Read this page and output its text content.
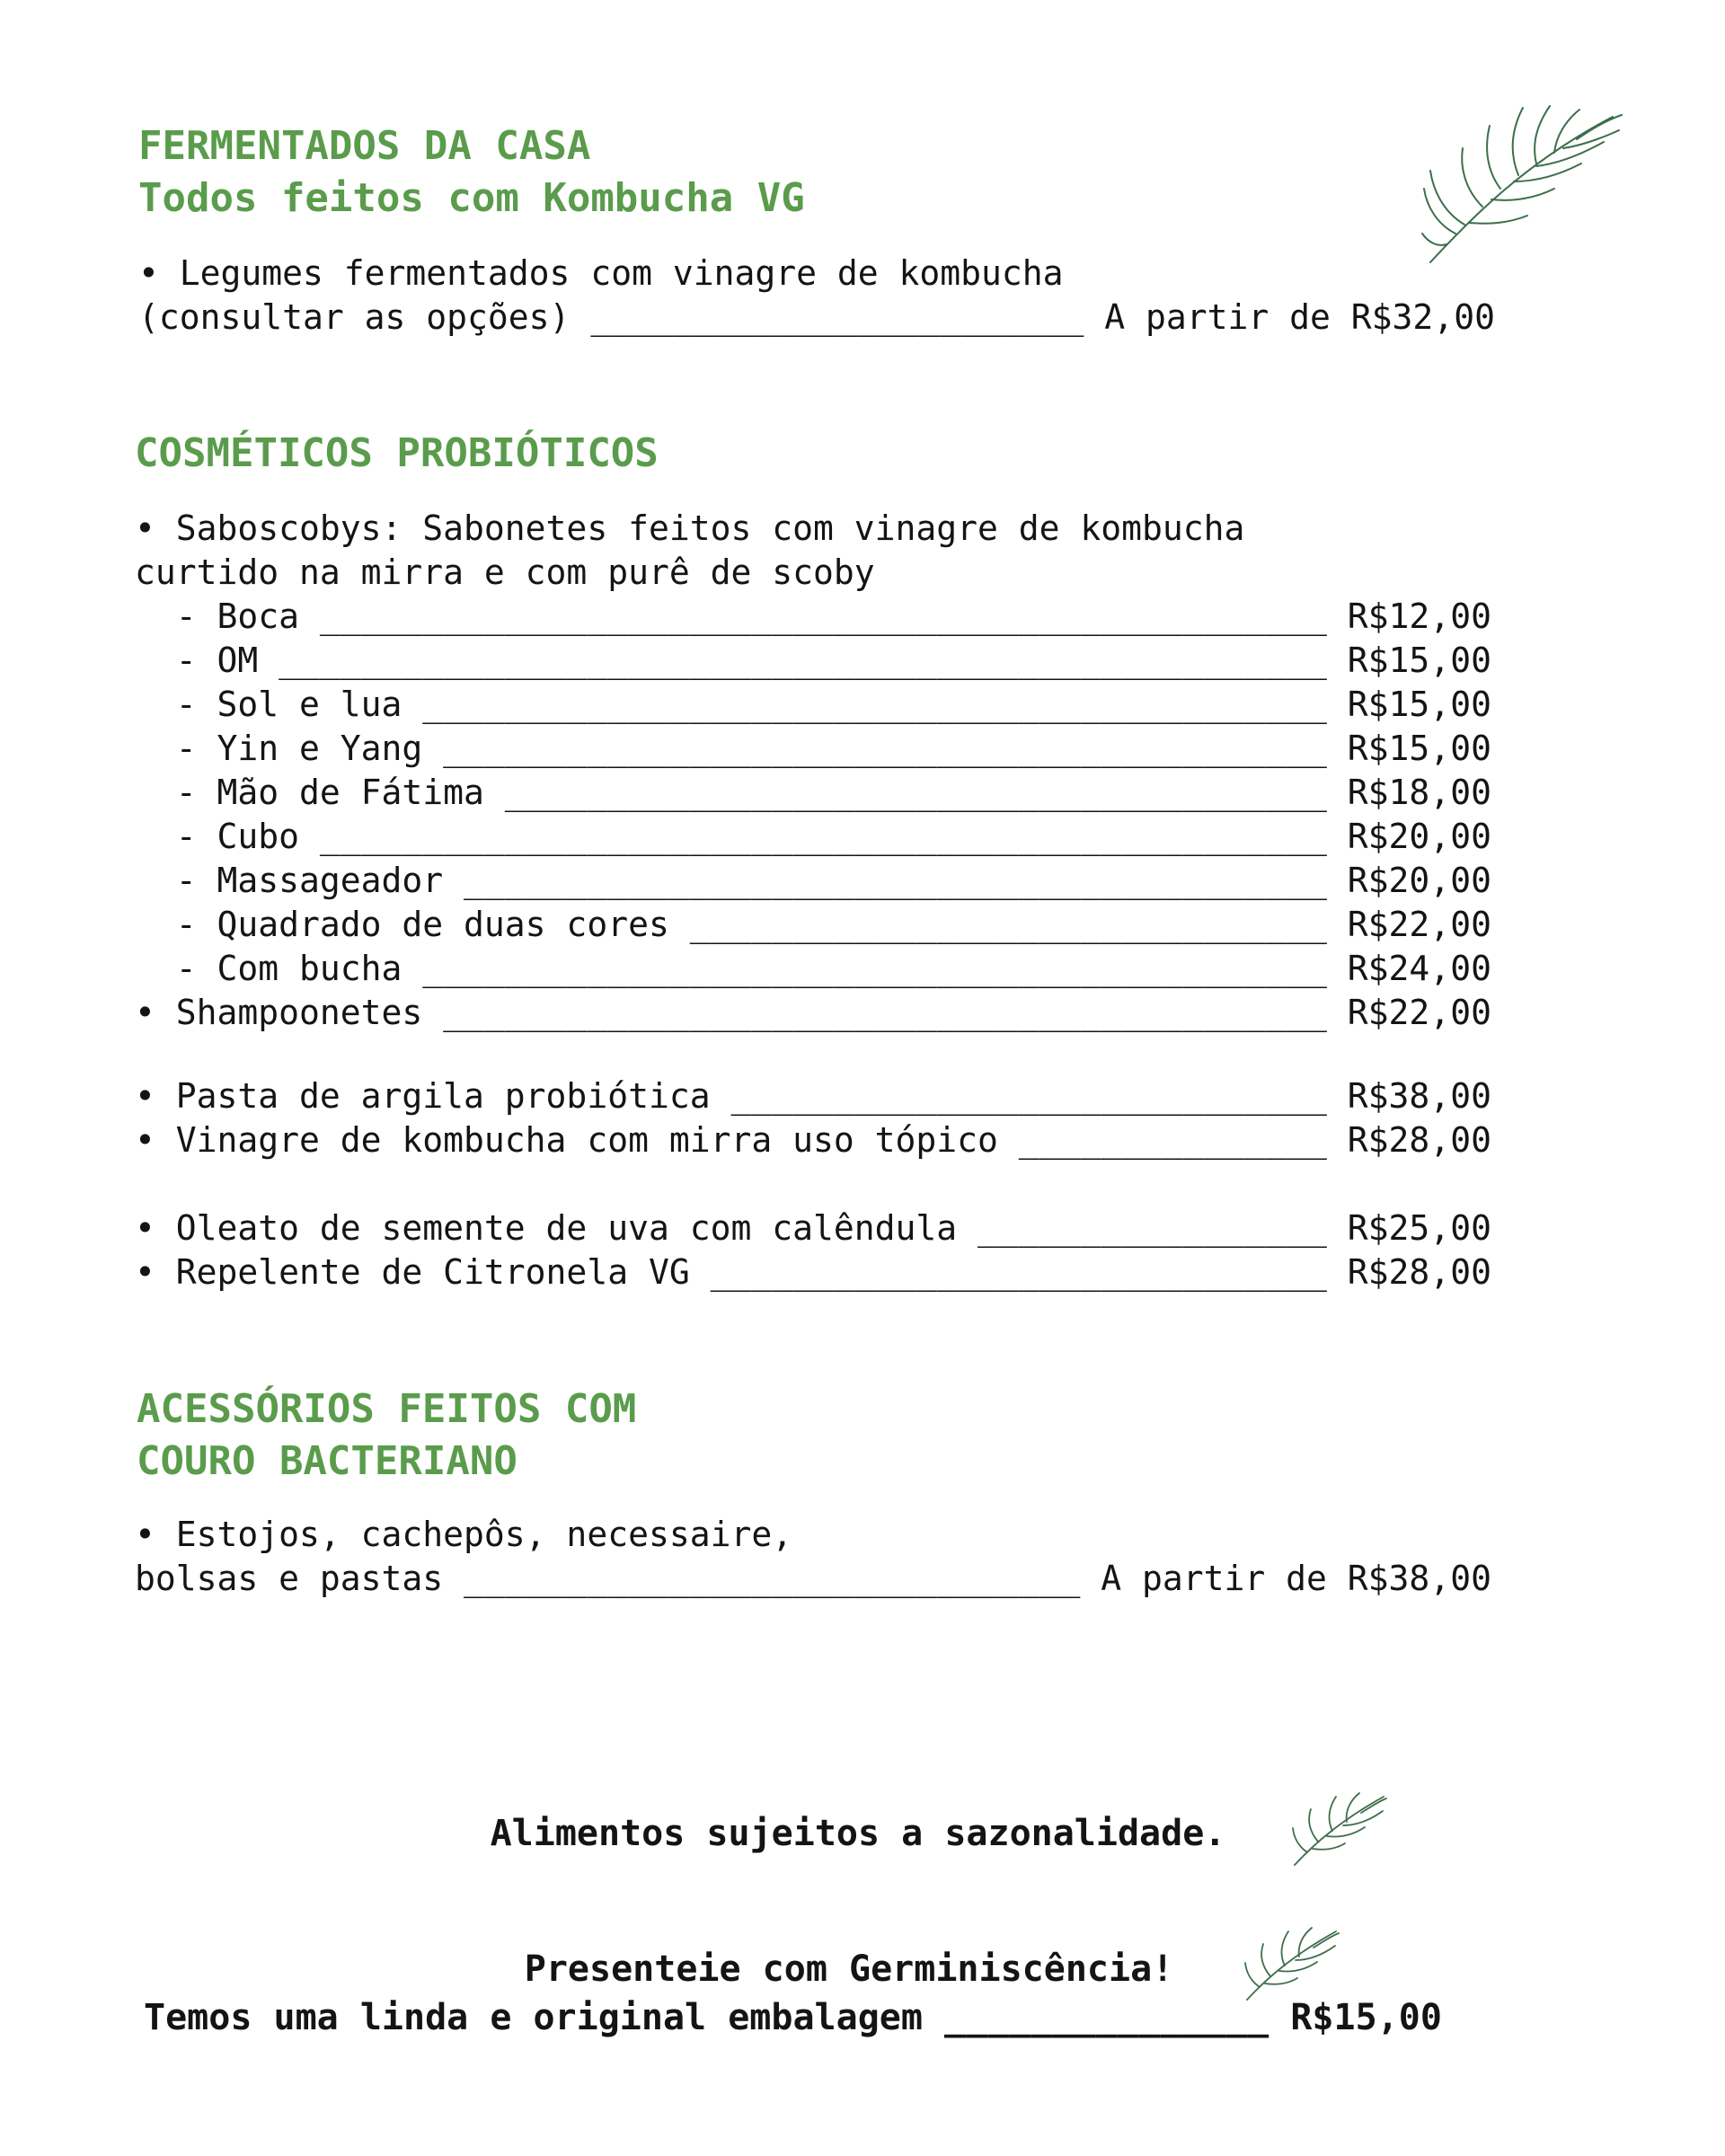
FERMENTADOS DA CASA

Todos feitos com Kombucha VG

• Legumes fermentados com vinagre de kombucha

(consultar as opções) ________________________ A partir de R$32,00

COSMÉTICOS PROBIÓTICOS

• Saboscobys: Sabonetes feitos com vinagre de kombucha

curtido na mirra e com purê de scoby

- Boca _________________________________________________ R$12,00

- OM ___________________________________________________ R$15,00

- Sol e lua ____________________________________________ R$15,00

- Yin e Yang ___________________________________________ R$15,00

- Mão de Fátima ________________________________________ R$18,00

- Cubo _________________________________________________ R$20,00

- Massageador __________________________________________ R$20,00

- Quadrado de duas cores _______________________________ R$22,00

- Com bucha ____________________________________________ R$24,00

• Shampoonetes ___________________________________________ R$22,00

• Pasta de argila probiótica _____________________________ R$38,00

• Vinagre de kombucha com mirra uso tópico _______________ R$28,00

• Oleato de semente de uva com calêndula _________________ R$25,00

• Repelente de Citronela VG ______________________________ R$28,00

ACESSÓRIOS FEITOS COM

COURO BACTERIANO

• Estojos, cachepôs, necessaire,

bolsas e pastas ______________________________ A partir de R$38,00

Alimentos sujeitos a sazonalidade.

Presenteie com Germiniscência!

Temos uma linda e original embalagem _______________ R$15,00
